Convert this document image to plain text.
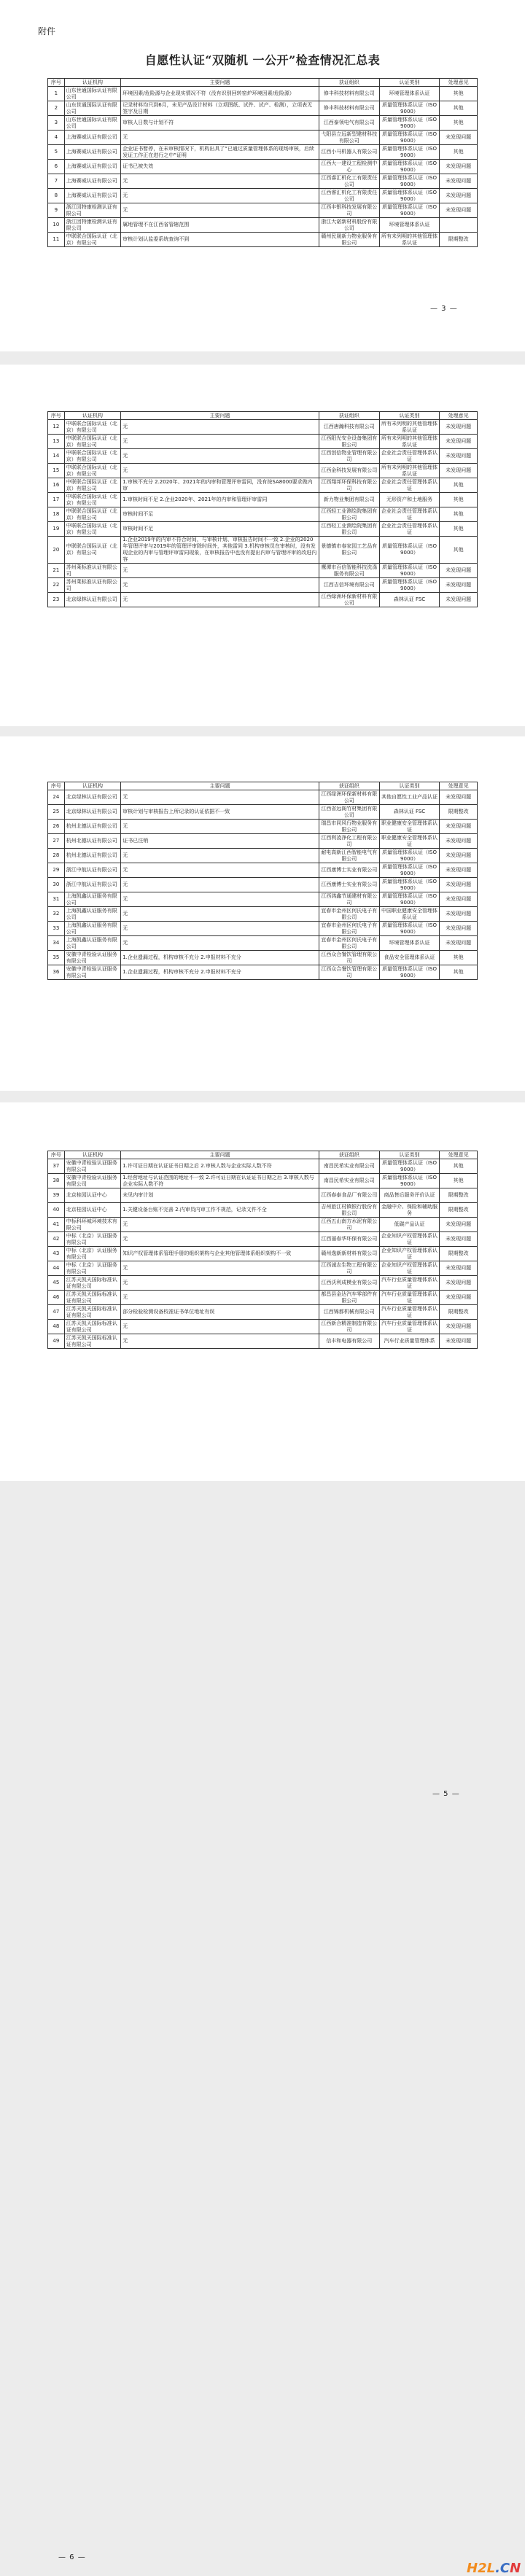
附件
自愿性认证“双随机 一公开”检查情况汇总表
— 3 —
序号	认证机构	主要问题	获证组织	认证类别	处理意见
1	山东世通国际认证有限公司	环境因素/危险源与企业现实情况不符（没有识别回转窑炉环境因素/危险源）	修丰科技材料有限公司	环境管理体系认证	其他
2	山东世通国际认证有限公司	记录材料均只到6月，未见产品设计材料（立项图纸、试件、试产、检测），立项表无签字及日期	修丰科技材料有限公司	质量管理体系认证（ISO9000）	其他
3	山东世通国际认证有限公司	审核人日数与计划不符	江西泰领电气有限公司	质量管理体系认证（ISO9000）	其他
4	上海赛威认证有限公司	无	弋阳县立远新型建材科技有限公司	质量管理体系认证（ISO9000）	未发现问题
5	上海赛威认证有限公司	企业证书暂停，在未审核情况下，机构出具了“已通过质量管理体系的现场审核，后续发证工作正在进行之中”证明	江西小马机器人有限公司	质量管理体系认证（ISO9000）	其他
6	上海赛威认证有限公司	证书已被失效	江西大一建设工程检测中心	质量管理体系认证（ISO9000）	未发现问题
7	上海赛威认证有限公司	无	江西睿汇机化工有限责任公司	质量管理体系认证（ISO9000）	未发现问题
8	上海赛威认证有限公司	无	江西睿汇机化工有限责任公司	质量管理体系认证（ISO9000）	未发现问题
9	浙江因特康检测认证有限公司	无	江西丰银科技发展有限公司	质量管理体系认证（ISO9000）	未发现问题
10	浙江因特康检测认证有限公司	属地管理不在江西省管辖范围	浙江大诺新材料股份有限公司	环境管理体系认证	
11	中联联合国际认证（北京）有限公司	审核计划认监委系统查询不到	赣州民晟新力物业服务有限公司	所有未列明的其他管理体系认证	限期整改
序号	认证机构	主要问题	获证组织	认证类别	处理意见
12	中联联合国际认证（北京）有限公司	无	江西唐瀚科技有限公司	所有未列明的其他管理体系认证	未发现问题
13	中联联合国际认证（北京）有限公司	无	江西阳光安全设备集团有限公司	所有未列明的其他管理体系认证	未发现问题
14	中联联合国际认证（北京）有限公司	无	江西创信物业管理有限公司	企业社会责任管理体系认证	未发现问题
15	中联联合国际认证（北京）有限公司	无	江西金科技发展有限公司	所有未列明的其他管理体系认证	未发现问题
16	中联联合国际认证（北京）有限公司	1.审核不充分 2.2020年、2021年的内审和管理评审雷同，没有按SA8000要求做内审	江西翔邦环保科技有限公司	企业社会责任管理体系认证	其他
17	中联联合国际认证（北京）有限公司	1.审核时间不足 2.企业2020年、2021年的内审和管理评审雷同	新力物业集团有限公司	无形资产和土地服务	其他
18	中联联合国际认证（北京）有限公司	审核时间不足	江西轻工业测绘院集团有限公司	企业社会责任管理体系认证	其他
19	中联联合国际认证（北京）有限公司	审核时间不足	江西轻工业测绘院集团有限公司	企业社会责任管理体系认证	其他
20	中联联合国际认证（北京）有限公司	1.企业2019年的内审不符合时间，与审核计划、审核报告时间不一致 2.企业的2020年管理评审与2019年的管理评审除时间外，其他雷同 3.机构审核员在审核时，没有发现企业的内审与管理评审雷同现象，在审核报告中也没有提出内审与管理评审的改进内容	景德镇市春家园工艺品有限公司	质量管理体系认证（ISO9000）	其他
21	苏州莱标准认证有限公司	无	鹰潭市百信智能科技洗涤服务有限公司	质量管理体系认证（ISO9000）	未发现问题
22	苏州莱标准认证有限公司	无	江西吉信环境有限公司	质量管理体系认证（ISO9000）	未发现问题
23	北京绿林认证有限公司	无	江西绿洲环保新材料有限公司	森林认证 FSC	未发现问题
— 5 —
序号	认证机构	主要问题	获证组织	认证类别	处理意见
24	北京绿林认证有限公司	无	江西绿洲环保新材料有限公司	其他自愿性工业产品认证	未发现问题
25	北京绿林认证有限公司	审核计划与审核报告上所记录的认证依据不一致	江西省远阁竹材集团有限公司	森林认证 FSC	限期整改
26	杭州北德认证有限公司	无	瑞昌市同风行物业服务有限公司	职业健康安全管理体系认证	未发现问题
27	杭州北德认证有限公司	证书已注销	江西利凌净化工程有限公司	职业健康安全管理体系认证	未发现问题
28	杭州北德认证有限公司	无	耐电高新江西智能电气有限公司	质量管理体系认证（ISO9000）	未发现问题
29	浙江中航认证有限公司	无	江西康博士实业有限公司	质量管理体系认证（ISO9000）	未发现问题
30	浙江中航认证有限公司	无	江西康博士实业有限公司	质量管理体系认证（ISO9000）	未发现问题
31	上海凯鑫认证服务有限公司	无	江西鸿鑫节通建材有限公司	质量管理体系认证（ISO9000）	未发现问题
32	上海凯鑫认证服务有限公司	无	宜春市金州区何氏电子有限公司	中国职业健康安全管理体系认证	未发现问题
33	上海凯鑫认证服务有限公司	无	宜春市金州区何氏电子有限公司	质量管理体系认证（ISO9000）	未发现问题
34	上海凯鑫认证服务有限公司	无	宜春市金州区何氏电子有限公司	环境管理体系认证	未发现问题
35	安徽中青检验认证服务有限公司	1.企业遗漏过程，机构审核不充分 2.申报材料不充分	江西众合餐饮管理有限公司	食品安全管理体系认证	其他
36	安徽中青检验认证服务有限公司	1.企业遗漏过程，机构审核不充分 2.申报材料不充分	江西众合餐饮管理有限公司	质量管理体系认证（ISO9000）	其他
— 6 —
H2L.CN
序号	认证机构	主要问题	获证组织	认证类别	处理意见
37	安徽中青检验认证服务有限公司	1.许可证日期在认证证书日期之后 2.审核人数与企业实际人数不符	南昌民希实业有限公司	质量管理体系认证（ISO9000）	其他
38	安徽中青检验认证服务有限公司	1.经营地址与认证范围的地址不一致 2.许可证日期在认证证书日期之后 3.审核人数与企业实际人数不符	南昌民希实业有限公司	质量管理体系认证（ISO9000）	其他
39	北京桂园认证中心	未见内审计划	江西春泰食品厂有限公司	商品售后服务评价认证	限期整改
40	北京桂园认证中心	1.关键设备台账不完善 2.内审员内审工作不规范，记录文件不全	吉州旅江村镇银行股份有限公司	金融中介、保险和辅助服务	限期整改
41	中标科环城环境技术有限公司	无	江西五山南方水泥有限公司	低碳产品认证	未发现问题
42	中标（北京）认证服务有限公司	无	江西丽春华环保有限公司	企业知识产权管理体系认证	未发现问题
43	中标（北京）认证服务有限公司	知识产权管理体系管理手册的组织架构与企业其他管理体系组织架构不一致	赣州逸新新材料有限公司	企业知识产权管理体系认证	限期整改
44	中标（北京）认证服务有限公司	无	江西诚志生物工程有限公司	企业知识产权管理体系认证	未发现问题
45	江苏天凯天国际标准认证有限公司	无	江西沃利成模业有限公司	汽车行业质量管理体系认证	未发现问题
46	江苏天凯天国际标准认证有限公司	无	都昌县金达汽车零部件有限公司	汽车行业质量管理体系认证	未发现问题
47	江苏天凯天国际标准认证有限公司	部分检验检测设备校准证书单位地址有误	江西锦都机械有限公司	汽车行业质量管理体系认证	限期整改
48	江苏天凯天国际标准认证有限公司	无	江西新合精准制造有限公司	汽车行业质量管理体系认证	未发现问题
49	江苏天凯天国际标准认证有限公司	无	信丰和电器有限公司	汽车行业质量管理体系	未发现问题
